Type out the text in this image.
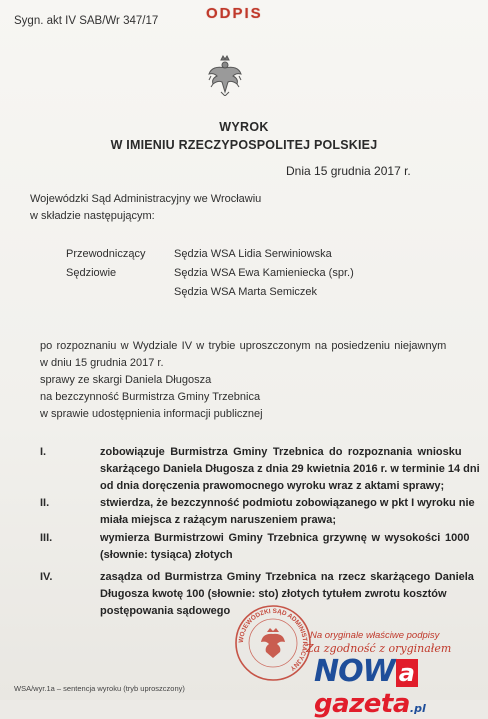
Sygn. akt IV SAB/Wr 347/17	ODPIS
WYROK
W IMIENIU RZECZYPOSPOLITEJ POLSKIEJ
Dnia 15 grudnia 2017 r.
Wojewódzki Sąd Administracyjny we Wrocławiu
w składzie następującym:
Przewodniczący	Sędzia WSA Lidia Serwiniowska
Sędziowie	Sędzia WSA Ewa Kamieniecka (spr.)
Sędzia WSA Marta Semiczek
po rozpoznaniu w Wydziale IV w trybie uproszczonym na posiedzeniu niejawnym
w dniu 15 grudnia 2017 r.
sprawy ze skargi Daniela Długosza
na bezczynność Burmistrza Gminy Trzebnica
w sprawie udostępnienia informacji publicznej
I.	zobowiązuje Burmistrza Gminy Trzebnica do rozpoznania wniosku
skarżącego Daniela Długosza z dnia 29 kwietnia 2016 r. w terminie 14 dni
od dnia doręczenia prawomocnego wyroku wraz z aktami sprawy;
II.	stwierdza, że bezczynność podmiotu zobowiązanego w pkt I wyroku nie
miała miejsca z rażącym naruszeniem prawa;
III.	wymierza Burmistrzowi Gminy Trzebnica grzywnę w wysokości 1000
(słownie: tysiąca) złotych
IV.	zasądza od Burmistrza Gminy Trzebnica na rzecz skarżącego Daniela
Długosza kwotę 100 (słownie: sto) złotych tytułem zwrotu kosztów
postępowania sądowego
WOJEWÓDZKI SĄD ADMINISTRACYJNY
Na oryginale właściwe podpisy
Za zgodność z oryginałem
WSA/wyr.1a – sentencja wyroku (tryb uproszczony)	NOW agazeta.pl
